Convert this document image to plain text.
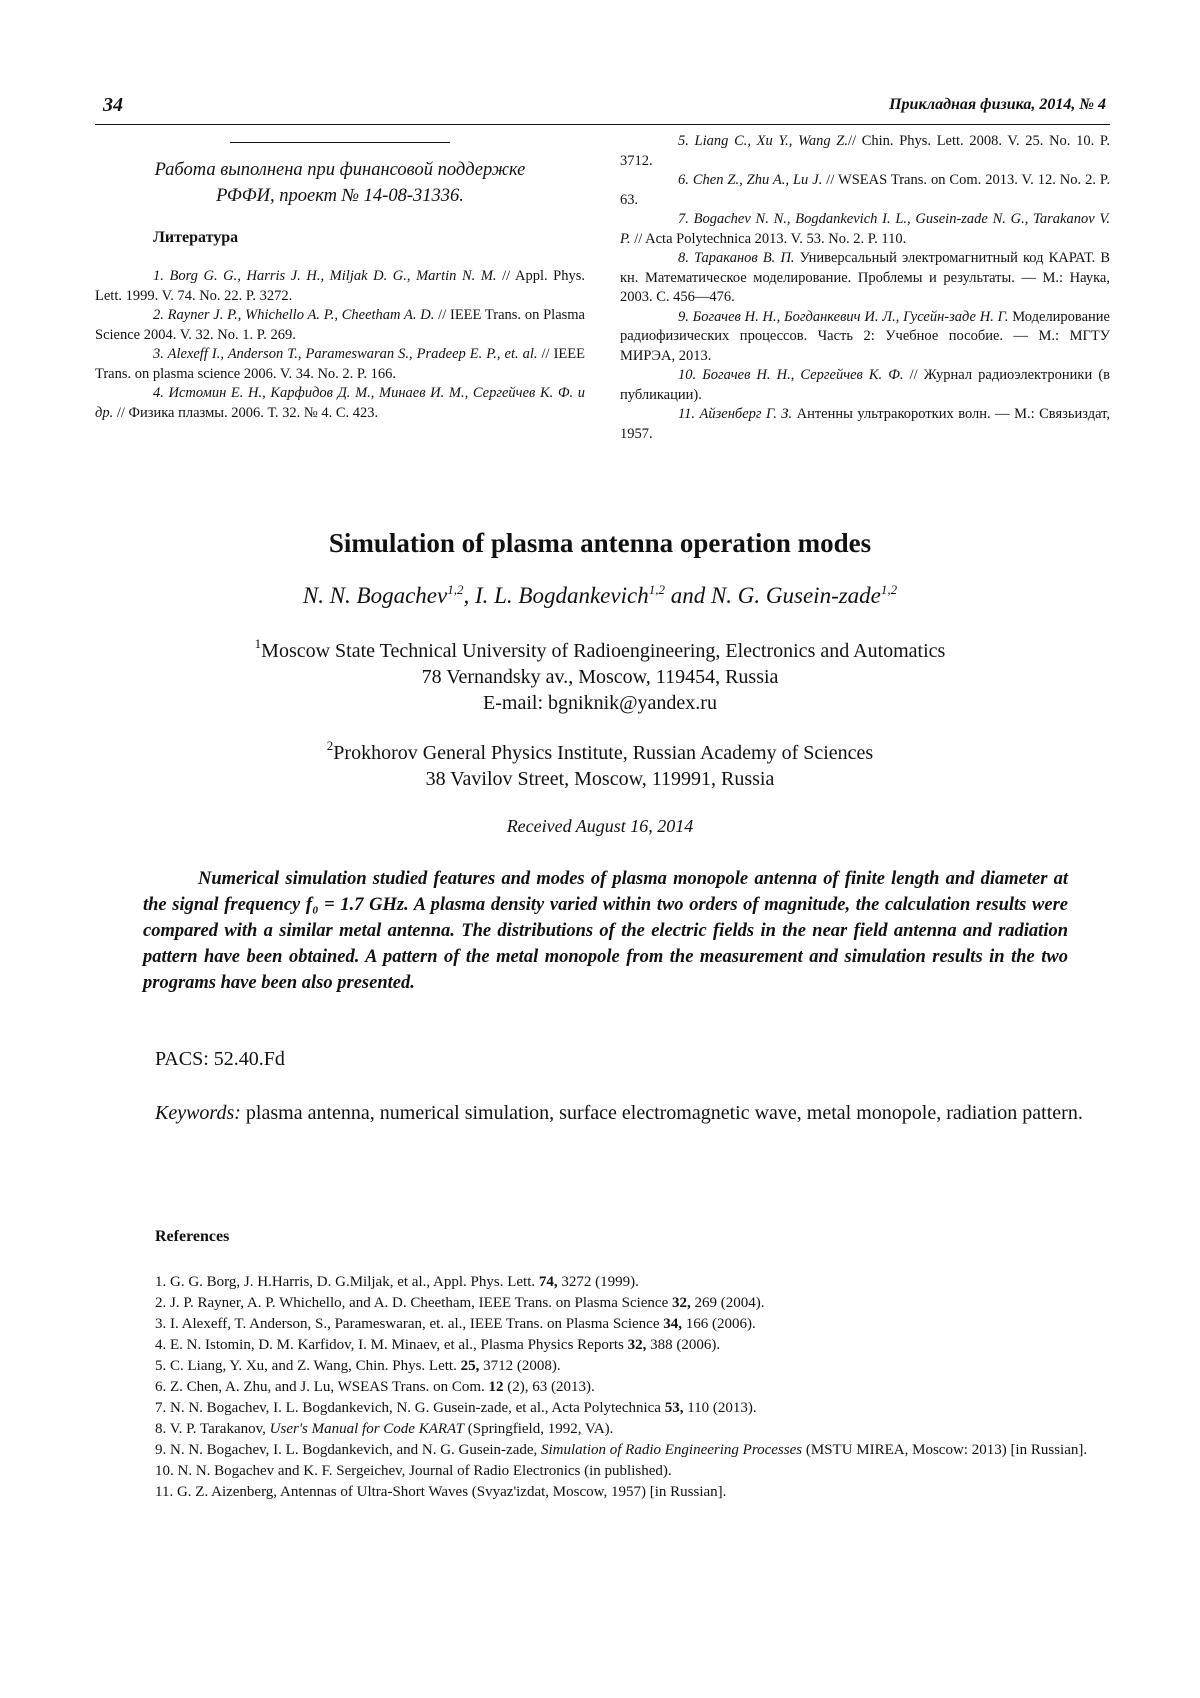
34	Прикладная физика, 2014, № 4
Работа выполнена при финансовой поддержке
РФФИ, проект № 14-08-31336.
Литература
1. Borg G. G., Harris J. H., Miljak D. G., Martin N. M. // Appl. Phys. Lett. 1999. V. 74. No. 22. P. 3272.
2. Rayner J. P., Whichello A. P., Cheetham A. D. // IEEE Trans. on Plasma Science 2004. V. 32. No. 1. P. 269.
3. Alexeff I., Anderson T., Parameswaran S., Pradeep E. P., et. al. // IEEE Trans. on plasma science 2006. V. 34. No. 2. P. 166.
4. Истомин Е. Н., Карфидов Д. М., Минаев И. М., Сергейчев К. Ф. и др. // Физика плазмы. 2006. Т. 32. № 4. С. 423.
5. Liang C., Xu Y., Wang Z.// Chin. Phys. Lett. 2008. V. 25. No. 10. P. 3712.
6. Chen Z., Zhu A., Lu J. // WSEAS Trans. on Com. 2013. V. 12. No. 2. P. 63.
7. Bogachev N. N., Bogdankevich I. L., Gusein-zade N. G., Tarakanov V. P. // Acta Polytechnica 2013. V. 53. No. 2. P. 110.
8. Тараканов В. П. Универсальный электромагнитный код КАРАТ. В кн. Математическое моделирование. Проблемы и результаты. — М.: Наука, 2003. С. 456—476.
9. Богачев Н. Н., Богданкевич И. Л., Гусейн-заде Н. Г. Моделирование радиофизических процессов. Часть 2: Учебное пособие. — М.: МГТУ МИРЭА, 2013.
10. Богачев Н. Н., Сергейчев К. Ф. // Журнал радиоэлектроники (в публикации).
11. Айзенберг Г. З. Антенны ультракоротких волн. — М.: Связьиздат, 1957.
Simulation of plasma antenna operation modes
N. N. Bogachev$^{1,2}$, I. L. Bogdankevich$^{1,2}$ and N. G. Gusein-zade$^{1,2}$
$^1$Moscow State Technical University of Radioengineering, Electronics and Automatics
78 Vernandsky av., Moscow, 119454, Russia
E-mail: bgniknik@yandex.ru
$^2$Prokhorov General Physics Institute, Russian Academy of Sciences
38 Vavilov Street, Moscow, 119991, Russia
Received August 16, 2014

Numerical simulation studied features and modes of plasma monopole antenna of finite length and diameter at the signal frequency f₀ = 1.7 GHz. A plasma density varied within two orders of magnitude, the calculation results were compared with a similar metal antenna. The distributions of the electric fields in the near field antenna and radiation pattern have been obtained. A pattern of the metal monopole from the measurement and simulation results in the two programs have been also presented.

PACS: 52.40.Fd

Keywords: plasma antenna, numerical simulation, surface electromagnetic wave, metal monopole, radiation pattern.

References
1. G. G. Borg, J. H.Harris, D. G.Miljak, et al., Appl. Phys. Lett. 74, 3272 (1999).
2. J. P. Rayner, A. P. Whichello, and A. D. Cheetham, IEEE Trans. on Plasma Science 32, 269 (2004).
3. I. Alexeff, T. Anderson, S., Parameswaran, et. al., IEEE Trans. on Plasma Science 34, 166 (2006).
4. E. N. Istomin, D. M. Karfidov, I. M. Minaev, et al., Plasma Physics Reports 32, 388 (2006).
5. C. Liang, Y. Xu, and Z. Wang, Chin. Phys. Lett. 25, 3712 (2008).
6. Z. Chen, A. Zhu, and J. Lu, WSEAS Trans. on Com. 12 (2), 63 (2013).
7. N. N. Bogachev, I. L. Bogdankevich, N. G. Gusein-zade, et al., Acta Polytechnica 53, 110 (2013).
8. V. P. Tarakanov, User's Manual for Code KARAT (Springfield, 1992, VA).
9. N. N. Bogachev, I. L. Bogdankevich, and N. G. Gusein-zade, Simulation of Radio Engineering Processes (MSTU MIREA, Moscow: 2013) [in Russian].
10. N. N. Bogachev and K. F. Sergeichev, Journal of Radio Electronics (in published).
11. G. Z. Aizenberg, Antennas of Ultra-Short Waves (Svyaz'izdat, Moscow, 1957) [in Russian].
